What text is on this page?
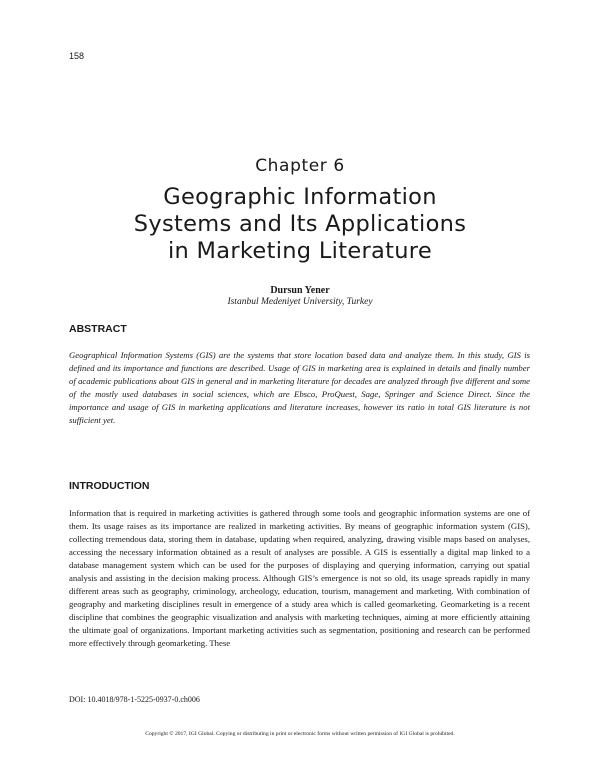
158
Chapter 6
Geographic Information
Systems and Its Applications
in Marketing Literature
Dursun Yener
Istanbul Medeniyet University, Turkey
ABSTRACT

Geographical Information Systems (GIS) are the systems that store location based data and analyze them. In this study, GIS is defined and its importance and functions are described. Usage of GIS in marketing area is explained in details and finally number of academic publications about GIS in general and in marketing literature for decades are analyzed through five different and some of the mostly used databases in social sciences, which are Ebsco, ProQuest, Sage, Springer and Science Direct. Since the importance and usage of GIS in marketing applications and literature increases, however its ratio in total GIS literature is not sufficient yet.

INTRODUCTION

Information that is required in marketing activities is gathered through some tools and geographic information systems are one of them. Its usage raises as its importance are realized in marketing activities. By means of geographic information system (GIS), collecting tremendous data, storing them in database, updating when required, analyzing, drawing visible maps based on analyses, accessing the necessary information obtained as a result of analyses are possible. A GIS is essentially a digital map linked to a database management system which can be used for the purposes of displaying and querying information, carrying out spatial analysis and assisting in the decision making process. Although GIS’s emergence is not so old, its usage spreads rapidly in many different areas such as geography, criminology, archeology, education, tourism, management and marketing. With combination of geography and marketing disciplines result in emergence of a study area which is called geomarketing. Geomarketing is a recent discipline that combines the geographic visualization and analysis with marketing techniques, aiming at more efficiently attaining the ultimate goal of organizations. Important marketing activities such as segmentation, positioning and research can be performed more effectively through geomarketing. These

DOI: 10.4018/978-1-5225-0937-0.ch006
Copyright © 2017, IGI Global. Copying or distributing in print or electronic forms without written permission of IGI Global is prohibited.
